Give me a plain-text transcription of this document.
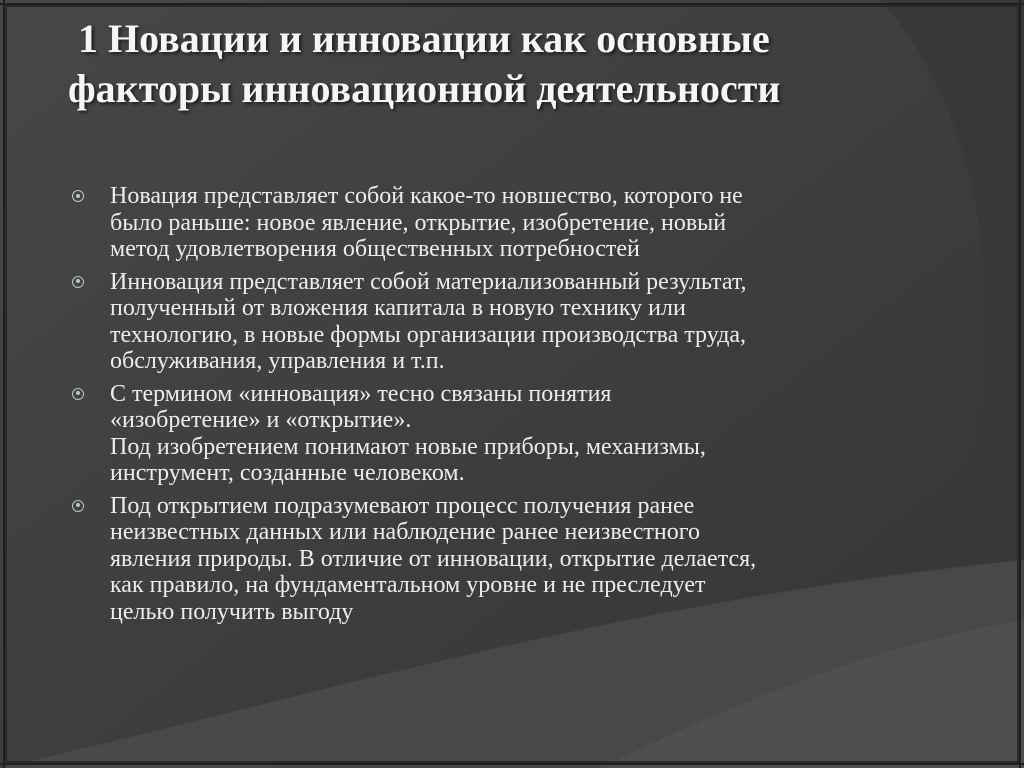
1 Новации и инновации как основные
факторы инновационной деятельности
Новация представляет собой какое-то новшество, которого не
было раньше: новое явление, открытие, изобретение, новый
метод удовлетворения общественных потребностей
Инновация представляет собой материализованный результат,
полученный от вложения капитала в новую технику или
технологию, в новые формы организации производства труда,
обслуживания, управления и т.п.
С термином «инновация» тесно связаны понятия
«изобретение» и «открытие».
Под изобретением понимают новые приборы, механизмы,
инструмент, созданные человеком.
Под открытием подразумевают процесс получения ранее
неизвестных данных или наблюдение ранее неизвестного
явления природы. В отличие от инновации, открытие делается,
как правило, на фундаментальном уровне и не преследует
целью получить выгоду
